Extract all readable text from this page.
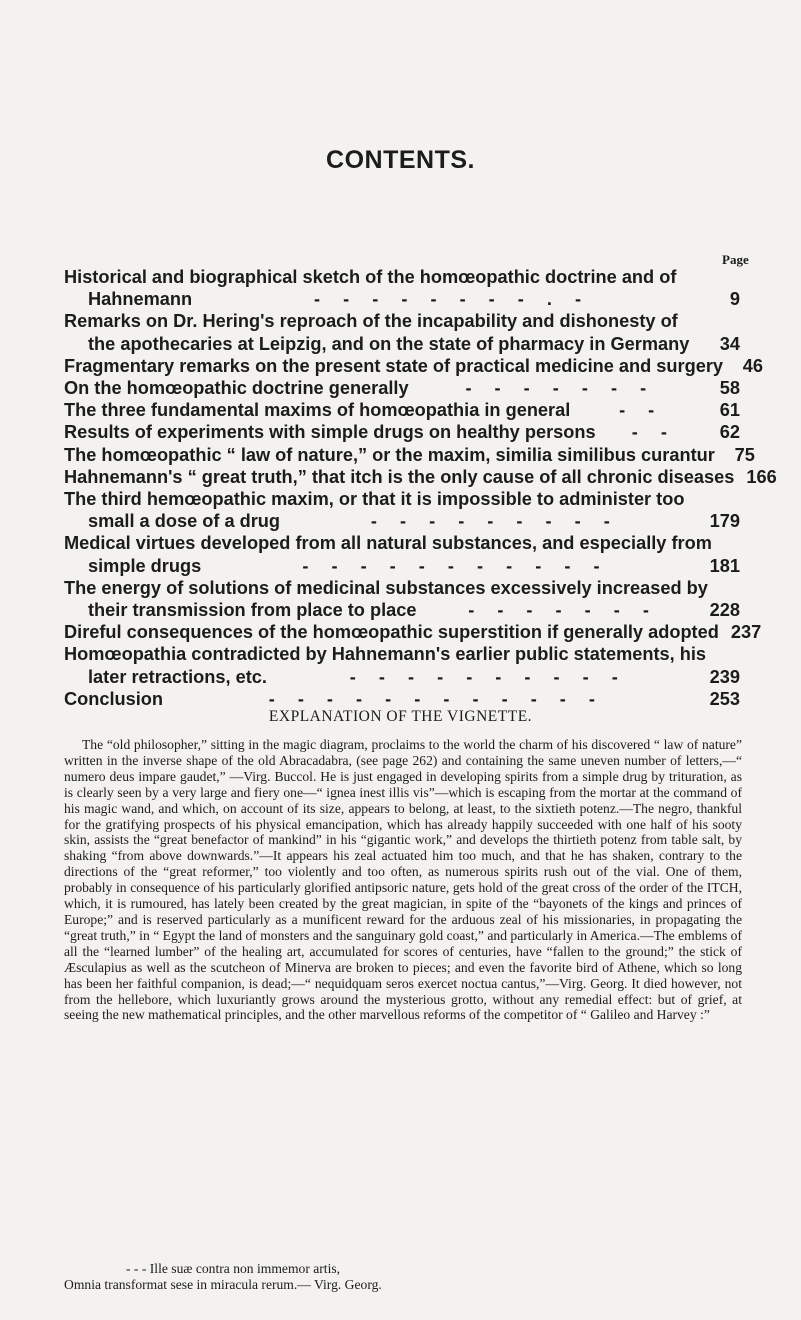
CONTENTS.
Page
Historical and biographical sketch of the homœopathic doctrine and of
Hahnemann	- - - - - - - - . -	9
Remarks on Dr. Hering's reproach of the incapability and dishonesty of
the apothecaries at Leipzig, and on the state of pharmacy in Germany	34
Fragmentary remarks on the present state of practical medicine and surgery	46
On the homœopathic doctrine generally	- - - - - - -	58
The three fundamental maxims of homœopathia in general	- -	61
Results of experiments with simple drugs on healthy persons	- -	62
The homœopathic “ law of nature,” or the maxim, similia similibus curantur	75
Hahnemann's “ great truth,” that itch is the only cause of all chronic diseases 166
The third hemœopathic maxim, or that it is impossible to administer too
small a dose of a drug	- - - - - - - - -	179
Medical virtues developed from all natural substances, and especially from
simple drugs	- - - - - - - - - - -	181
The energy of solutions of medicinal substances excessively increased by
their transmission from place to place	- - - - - - -	228
Direful consequences of the homœopathic superstition if generally adopted 237
Homœopathia contradicted by Hahnemann's earlier public statements, his
later retractions, etc.	- - - - - - - - - -	239
Conclusion	- - - - - - - - - - - -	253
EXPLANATION OF THE VIGNETTE.

The “old philosopher,” sitting in the magic diagram, proclaims to the world the charm of his discovered “ law of nature” written in the inverse shape of the old Abracadabra, (see page 262) and containing the same uneven number of letters,—“ numero deus impare gaudet,” —Virg. Buccol. He is just engaged in developing spirits from a simple drug by trituration, as is clearly seen by a very large and fiery one—“ ignea inest illis vis”—which is escaping from the mortar at the command of his magic wand, and which, on account of its size, appears to belong, at least, to the sixtieth potenz.—The negro, thankful for the gratifying prospects of his physical emancipation, which has already happily succeeded with one half of his sooty skin, assists the “great benefactor of mankind” in his “gigantic work,” and develops the thirtieth potenz from table salt, by shaking “from above downwards.”—It appears his zeal actuated him too much, and that he has shaken, contrary to the directions of the “great reformer,” too violently and too often, as numerous spirits rush out of the vial. One of them, probably in consequence of his particularly glorified antipsoric nature, gets hold of the great cross of the order of the ITCH, which, it is rumoured, has lately been created by the great magician, in spite of the “bayonets of the kings and princes of Europe;” and is reserved particularly as a munificent reward for the arduous zeal of his missionaries, in propagating the “great truth,” in “ Egypt the land of monsters and the sanguinary gold coast,” and particularly in America.—The emblems of all the “learned lumber” of the healing art, accumulated for scores of centuries, have “fallen to the ground;” the stick of Æsculapius as well as the scutcheon of Minerva are broken to pieces; and even the favorite bird of Athene, which so long has been her faithful companion, is dead;—“ nequidquam seros exercet noctua cantus,”—Virg. Georg. It died however, not from the hellebore, which luxuriantly grows around the mysterious grotto, without any remedial effect: but of grief, at seeing the new mathematical principles, and the other marvellous reforms of the competitor of “ Galileo and Harvey :”

- - - Ille suæ contra non immemor artis,
Omnia transformat sese in miracula rerum.— Virg. Georg.
